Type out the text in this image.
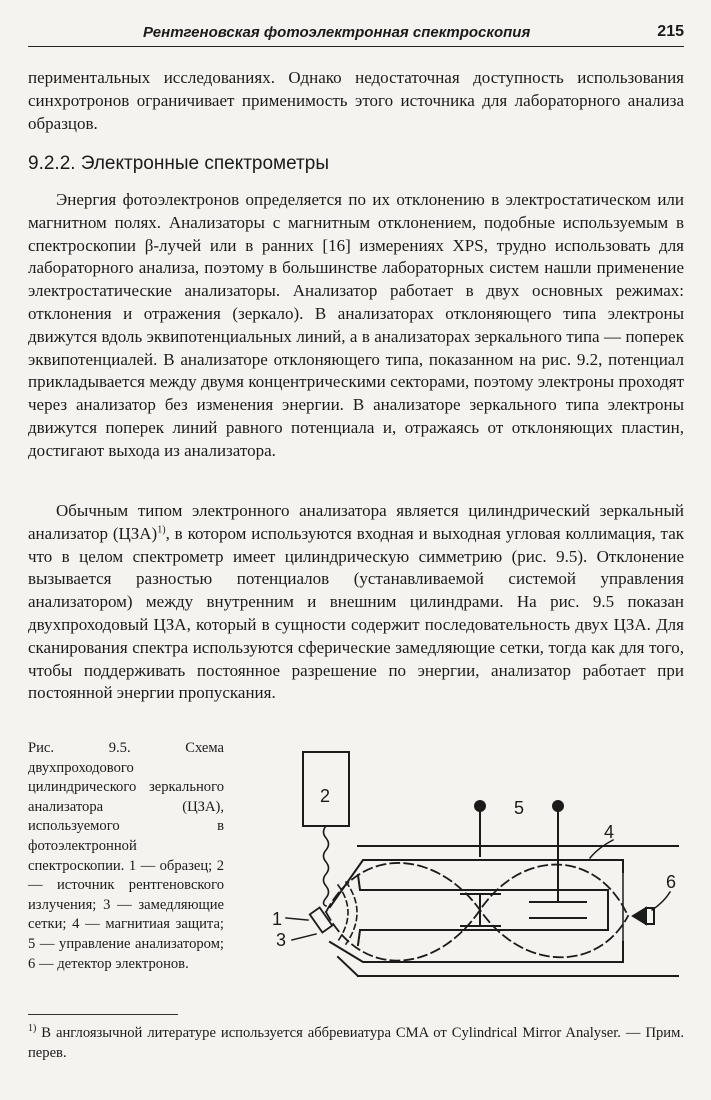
Рентгеновская фотоэлектронная спектроскопия	215

периментальных исследованиях. Однако недостаточная доступность использования синхротронов ограничивает применимость этого источника для лабораторного анализа образцов.

9.2.2. Электронные спектрометры

Энергия фотоэлектронов определяется по их отклонению в электростатическом или магнитном полях. Анализаторы с магнитным отклонением, подобные используемым в спектроскопии β-лучей или в ранних [16] измерениях XPS, трудно использовать для лабораторного анализа, поэтому в большинстве лабораторных систем нашли применение электростатические анализаторы. Анализатор работает в двух основных режимах: отклонения и отражения (зеркало). В анализаторах отклоняющего типа электроны движутся вдоль эквипотенциальных линий, а в анализаторах зеркального типа — поперек эквипотенциалей. В анализаторе отклоняющего типа, показанном на рис. 9.2, потенциал прикладывается между двумя концентрическими секторами, поэтому электроны проходят через анализатор без изменения энергии. В анализаторе зеркального типа электроны движутся поперек линий равного потенциала и, отражаясь от отклоняющих пластин, достигают выхода из анализатора.

Обычным типом электронного анализатора является цилиндрический зеркальный анализатор (ЦЗА)$^{1)}$, в котором используются входная и выходная угловая коллимация, так что в целом спектрометр имеет цилиндрическую симметрию (рис. 9.5). Отклонение вызывается разностью потенциалов (устанавливаемой системой управления анализатором) между внутренним и внешним цилиндрами. На рис. 9.5 показан двухпроходовый ЦЗА, который в сущности содержит последовательность двух ЦЗА. Для сканирования спектра используются сферические замедляющие сетки, тогда как для того, чтобы поддерживать постоянное разрешение по энергии, анализатор работает при постоянной энергии пропускания.

Рис. 9.5. Схема двухпроходового цилиндрического зеркального анализатора (ЦЗА), используемого в фотоэлектронной спектроскопии. 1 — образец; 2 — источник рентгеновского излучения; 3 — замедляющие сетки; 4 — магнитиая защита; 5 — управление анализатором; 6 — детектор электронов.

2
1
3
4
5
6

$^{1)}$ В англоязычной литературе используется аббревиатура CMA от Cylindrical Mirror Analyser. — Прим. перев.
